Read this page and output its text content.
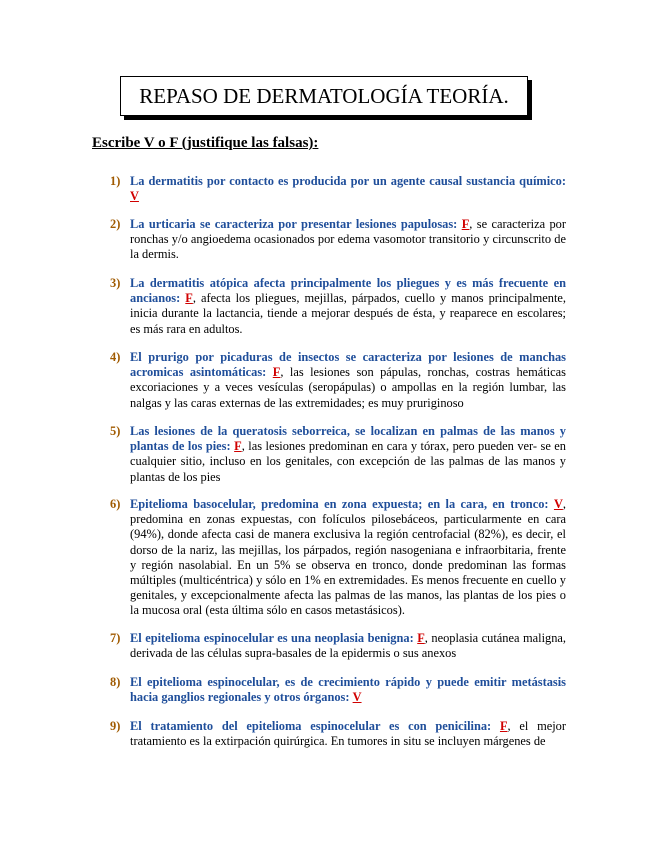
REPASO DE DERMATOLOGÍA TEORÍA.
Escribe V o F (justifique las falsas):
1) La dermatitis por contacto es producida por un agente causal sustancia químico: V
2) La urticaria se caracteriza por presentar lesiones papulosas: F, se caracteriza por ronchas y/o angioedema ocasionados por edema vasomotor transitorio y circunscrito de la dermis.
3) La dermatitis atópica afecta principalmente los pliegues y es más frecuente en ancianos: F, afecta los pliegues, mejillas, párpados, cuello y manos principalmente, inicia durante la lactancia, tiende a mejorar después de ésta, y reaparece en escolares; es más rara en adultos.
4) El prurigo por picaduras de insectos se caracteriza por lesiones de manchas acromicas asintomáticas: F, las lesiones son pápulas, ronchas, costras hemáticas excoriaciones y a veces vesículas (seropápulas) o ampollas en la región lumbar, las nalgas y las caras externas de las extremidades; es muy pruriginoso
5) Las lesiones de la queratosis seborreica, se localizan en palmas de las manos y plantas de los pies: F, las lesiones predominan en cara y tórax, pero pueden ver- se en cualquier sitio, incluso en los genitales, con excepción de las palmas de las manos y plantas de los pies
6) Epitelioma basocelular, predomina en zona expuesta; en la cara, en tronco: V, predomina en zonas expuestas, con folículos pilosebáceos, particularmente en cara (94%), donde afecta casi de manera exclusiva la región centrofacial (82%), es decir, el dorso de la nariz, las mejillas, los párpados, región nasogeniana e infraorbitaria, frente y región nasolabial. En un 5% se observa en tronco, donde predominan las formas múltiples (multicéntrica) y sólo en 1% en extremidades. Es menos frecuente en cuello y genitales, y excepcionalmente afecta las palmas de las manos, las plantas de los pies o la mucosa oral (esta última sólo en casos metastásicos).
7) El epitelioma espinocelular es una neoplasia benigna: F, neoplasia cutánea maligna, derivada de las células supra-basales de la epidermis o sus anexos
8) El epitelioma espinocelular, es de crecimiento rápido y puede emitir metástasis hacia ganglios regionales y otros órganos: V
9) El tratamiento del epitelioma espinocelular es con penicilina: F, el mejor tratamiento es la extirpación quirúrgica. En tumores in situ se incluyen márgenes de
